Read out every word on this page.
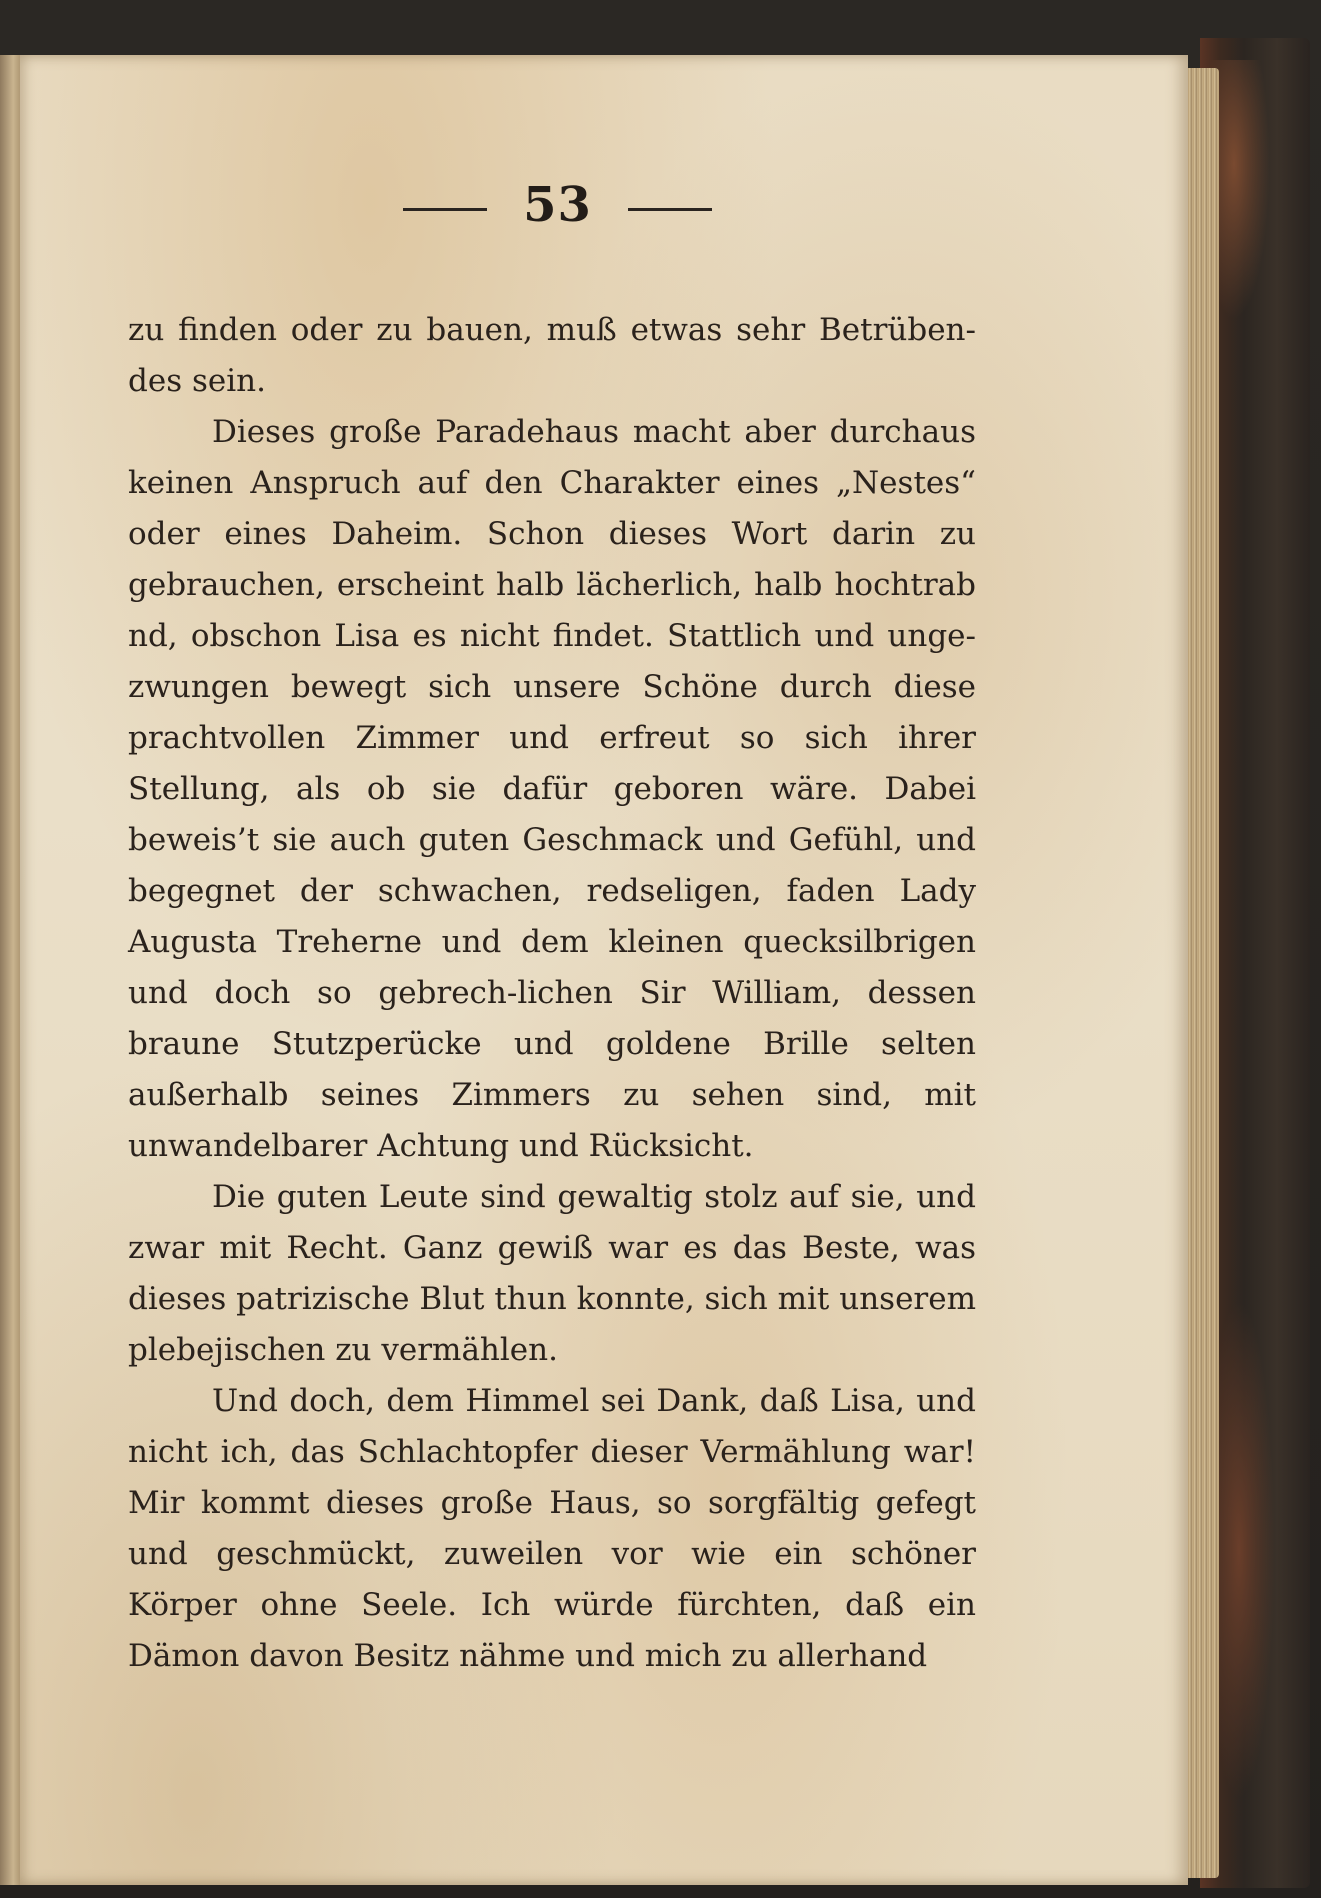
53

zu finden oder zu bauen, muß etwas sehr Betrüben-des sein.

Dieses große Paradehaus macht aber durchaus keinen Anspruch auf den Charakter eines „Nestes“ oder eines Daheim. Schon dieses Wort darin zu gebrauchen, erscheint halb lächerlich, halb hochtrab nd, obschon Lisa es nicht findet. Stattlich und unge-zwungen bewegt sich unsere Schöne durch diese prachtvollen Zimmer und erfreut so sich ihrer Stellung, als ob sie dafür geboren wäre. Dabei beweis’t sie auch guten Geschmack und Gefühl, und begegnet der schwachen, redseligen, faden Lady Augusta Treherne und dem kleinen quecksilbrigen und doch so gebrech-lichen Sir William, dessen braune Stutzperücke und goldene Brille selten außerhalb seines Zimmers zu sehen sind, mit unwandelbarer Achtung und Rücksicht.

Die guten Leute sind gewaltig stolz auf sie, und zwar mit Recht. Ganz gewiß war es das Beste, was dieses patrizische Blut thun konnte, sich mit unserem plebejischen zu vermählen.

Und doch, dem Himmel sei Dank, daß Lisa, und nicht ich, das Schlachtopfer dieser Vermählung war! Mir kommt dieses große Haus, so sorgfältig gefegt und geschmückt, zuweilen vor wie ein schöner Körper ohne Seele. Ich würde fürchten, daß ein Dämon davon Besitz nähme und mich zu allerhand
